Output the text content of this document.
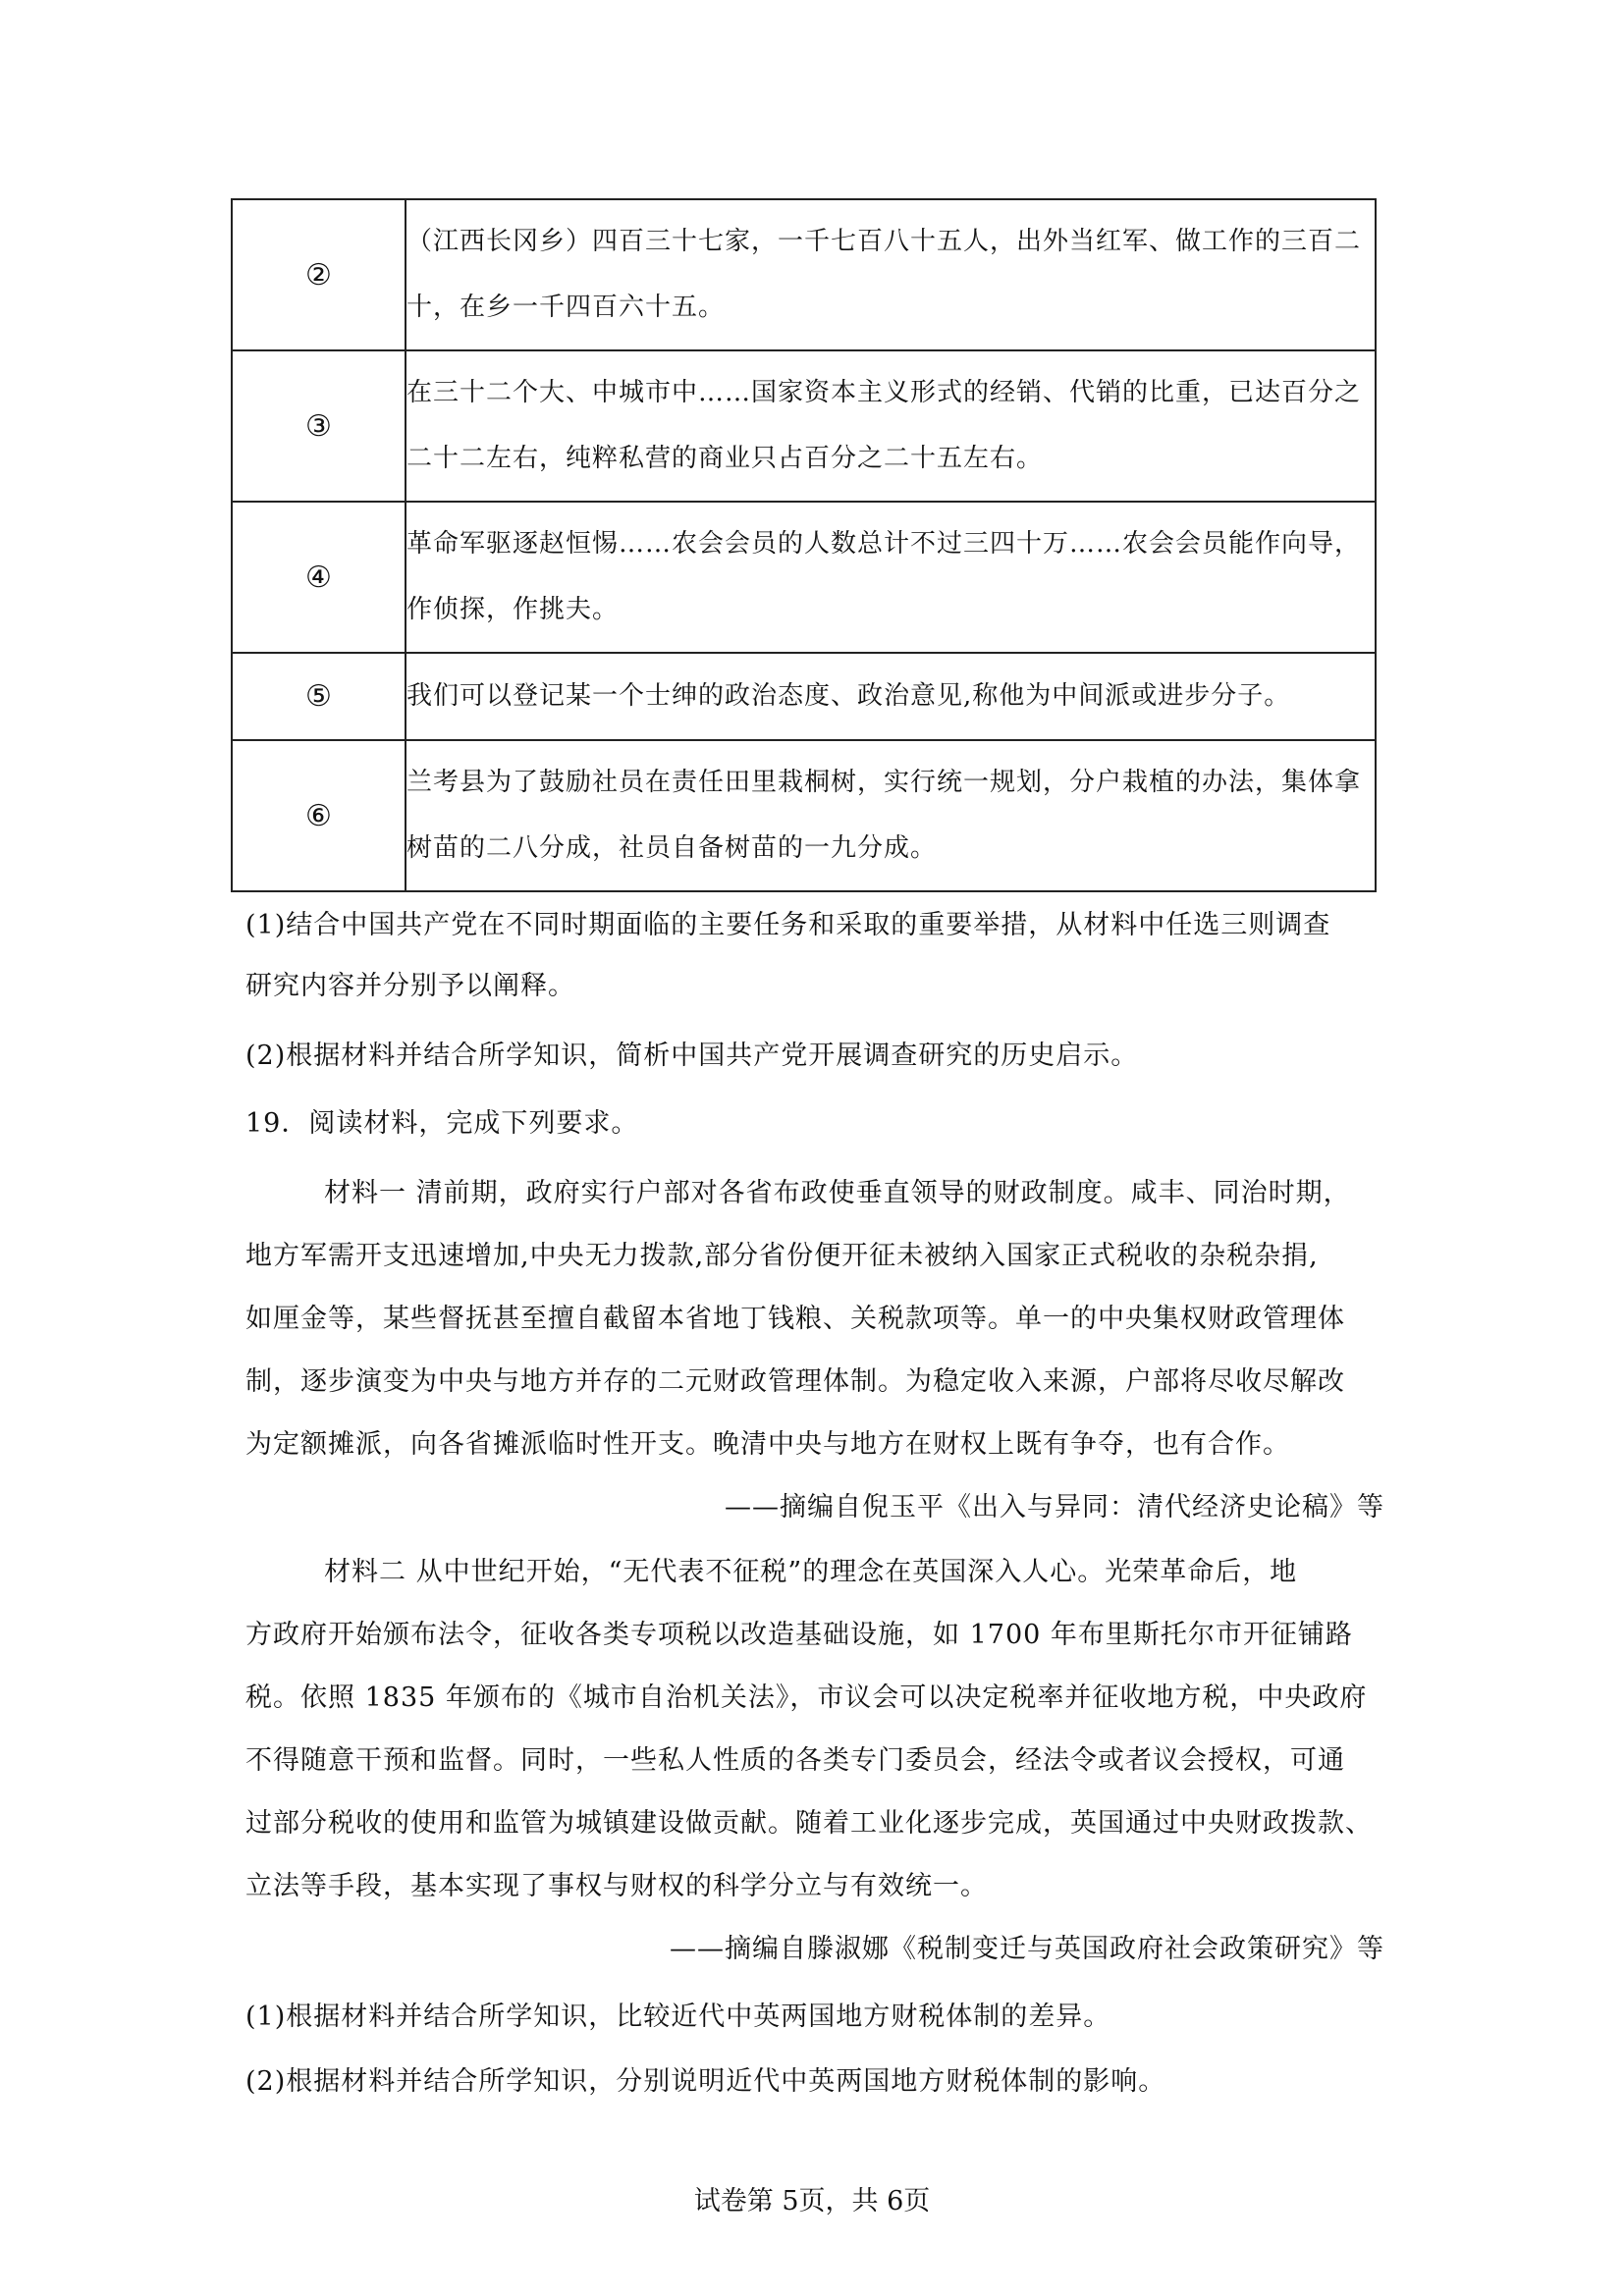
②	（江西长冈乡）四百三十七家，一千七百八十五人，出外当红军、做工作的三百二十，在乡一千四百六十五。
③	在三十二个大、中城市中……国家资本主义形式的经销、代销的比重，已达百分之二十二左右，纯粹私营的商业只占百分之二十五左右。
④	革命军驱逐赵恒惕……农会会员的人数总计不过三四十万……农会会员能作向导，作侦探，作挑夫。
⑤	我们可以登记某一个士绅的政治态度、政治意见,称他为中间派或进步分子。
⑥	兰考县为了鼓励社员在责任田里栽桐树，实行统一规划，分户栽植的办法，集体拿树苗的二八分成，社员自备树苗的一九分成。
(1)结合中国共产党在不同时期面临的主要任务和采取的重要举措，从材料中任选三则调查
研究内容并分别予以阐释。
(2)根据材料并结合所学知识，简析中国共产党开展调查研究的历史启示。
19．阅读材料，完成下列要求。
材料一 清前期，政府实行户部对各省布政使垂直领导的财政制度。咸丰、同治时期，
地方军需开支迅速增加,中央无力拨款,部分省份便开征未被纳入国家正式税收的杂税杂捐,
如厘金等，某些督抚甚至擅自截留本省地丁钱粮、关税款项等。单一的中央集权财政管理体
制，逐步演变为中央与地方并存的二元财政管理体制。为稳定收入来源，户部将尽收尽解改
为定额摊派，向各省摊派临时性开支。晚清中央与地方在财权上既有争夺，也有合作。
——摘编自倪玉平《出入与异同：清代经济史论稿》等
材料二 从中世纪开始，“无代表不征税”的理念在英国深入人心。光荣革命后，地
方政府开始颁布法令，征收各类专项税以改造基础设施，如 1700 年布里斯托尔市开征铺路
税。依照 1835 年颁布的《城市自治机关法》，市议会可以决定税率并征收地方税，中央政府
不得随意干预和监督。同时，一些私人性质的各类专门委员会，经法令或者议会授权，可通
过部分税收的使用和监管为城镇建设做贡献。随着工业化逐步完成，英国通过中央财政拨款、
立法等手段，基本实现了事权与财权的科学分立与有效统一。
——摘编自滕淑娜《税制变迁与英国政府社会政策研究》等
(1)根据材料并结合所学知识，比较近代中英两国地方财税体制的差异。
(2)根据材料并结合所学知识，分别说明近代中英两国地方财税体制的影响。
试卷第 5页，共 6页
